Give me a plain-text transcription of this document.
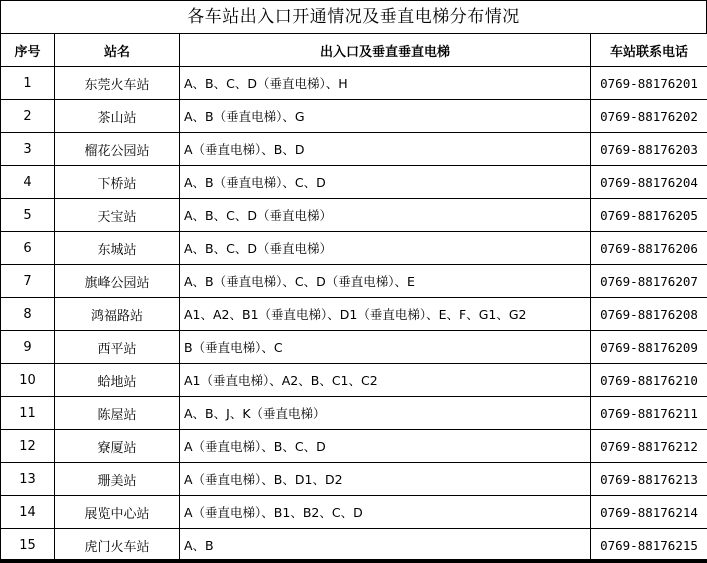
各车站出入口开通情况及垂直电梯分布情况
序号	站名	出入口及垂直垂直电梯	车站联系电话
1	东莞火车站	A、B、C、D（垂直电梯）、H	0769-88176201
2	茶山站	A、B（垂直电梯）、G	0769-88176202
3	榴花公园站	A（垂直电梯）、B、D	0769-88176203
4	下桥站	A、B（垂直电梯）、C、D	0769-88176204
5	天宝站	A、B、C、D（垂直电梯）	0769-88176205
6	东城站	A、B、C、D（垂直电梯）	0769-88176206
7	旗峰公园站	A、B（垂直电梯）、C、D（垂直电梯）、E	0769-88176207
8	鸿福路站	A1、A2、B1（垂直电梯）、D1（垂直电梯）、E、F、G1、G2	0769-88176208
9	西平站	B（垂直电梯）、C	0769-88176209
10	蛤地站	A1（垂直电梯）、A2、B、C1、C2	0769-88176210
11	陈屋站	A、B、J、K（垂直电梯）	0769-88176211
12	寮厦站	A（垂直电梯）、B、C、D	0769-88176212
13	珊美站	A（垂直电梯）、B、D1、D2	0769-88176213
14	展览中心站	A（垂直电梯）、B1、B2、C、D	0769-88176214
15	虎门火车站	A、B	0769-88176215
